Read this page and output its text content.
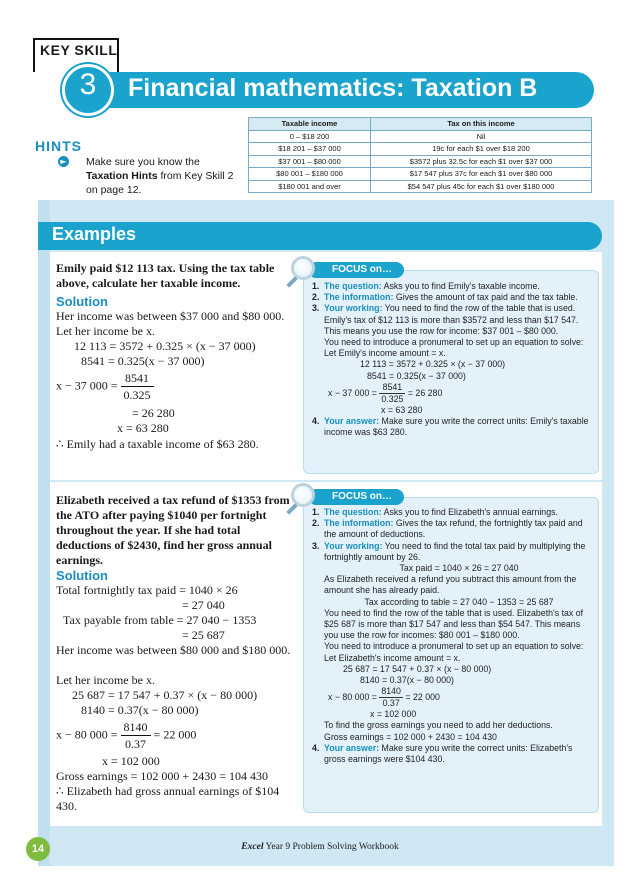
KEY SKILL
3	Financial mathematics: Taxation B
HINTS
► Make sure you know the Taxation Hints from Key Skill 2 on page 12.
Taxable income	Tax on this income
0 – $18 200	Nil
$18 201 – $37 000	19c for each $1 over $18 200
$37 001 – $80 000	$3572 plus 32.5c for each $1 over $37 000
$80 001 – $180 000	$17 547 plus 37c for each $1 over $80 000
$180 001 and over	$54 547 plus 45c for each $1 over $180 000
Examples
Emily paid $12 113 tax. Using the tax table above, calculate her taxable income.
Solution
Her income was between $37 000 and $80 000.
Let her income be x.
12 113 = 3572 + 0.325 × (x − 37 000)
8541 = 0.325(x − 37 000)
x − 37 $000 = \frac{8541}{0.325}$
= 26 280
x = 63 280
∴ Emily had a taxable income of $63 280.
FOCUS on…
1. The question: Asks you to find Emily's taxable income.
2. The information: Gives the amount of tax paid and the tax table.
3. Your working: You need to find the row of the table that is used. Emily's tax of $12 113 is more than $3572 and less than $17 547. This means you use the row for income: $37 001 – $80 000.
You need to introduce a pronumeral to set up an equation to solve: Let Emily's income amount = x.
12 113 = 3572 + 0.325 × (x − 37 000)
8541 = 0.325(x − 37 000)
x − 37 $000 = \frac{8541}{0.325} = 26$ 280
x = 63 280
4. Your answer: Make sure you write the correct units: Emily's taxable income was $63 280.
Elizabeth received a tax refund of $1353 from the ATO after paying $1040 per fortnight throughout the year. If she had total deductions of $2430, find her gross annual earnings.
Solution
Total fortnightly tax paid = 1040 × 26
= 27 040
Tax payable from table = 27 040 − 1353
= 25 687
Her income was between $80 000 and $180 000.
Let her income be x.
25 687 = 17 547 + 0.37 × (x − 80 000)
8140 = 0.37(x − 80 000)
x − 80 $000 = \frac{8140}{0.37} = 22$ 000
x = 102 000
Gross earnings = 102 000 + 2430 = 104 430
∴ Elizabeth had gross annual earnings of $104 430.
FOCUS on…
1. The question: Asks you to find Elizabeth's annual earnings.
2. The information: Gives the tax refund, the fortnightly tax paid and the amount of deductions.
3. Your working: You need to find the total tax paid by multiplying the fortnightly amount by 26.
Tax paid = 1040 × 26 = 27 040
As Elizabeth received a refund you subtract this amount from the amount she has already paid.
Tax according to table = 27 040 − 1353 = 25 687
You need to find the row of the table that is used. Elizabeth's tax of $25 687 is more than $17 547 and less than $54 547. This means you use the row for incomes: $80 001 – $180 000.
You need to introduce a pronumeral to set up an equation to solve: Let Elizabeth's income amount = x.
25 687 = 17 547 + 0.37 × (x − 80 000)
8140 = 0.37(x − 80 000)
x − 80 $000 = \frac{8140}{0.37} = 22$ 000
x = 102 000
To find the gross earnings you need to add her deductions.
Gross earnings = 102 000 + 2430 = 104 430
4. Your answer: Make sure you write the correct units: Elizabeth's gross earnings were $104 430.
14	Excel Year 9 Problem Solving Workbook
